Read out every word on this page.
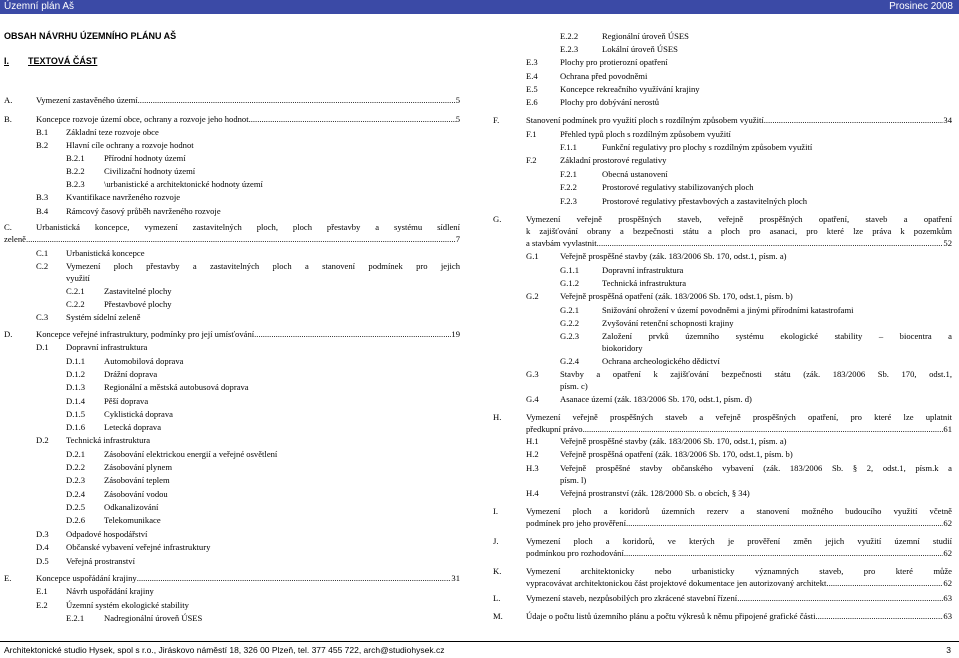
Územní plán Aš	Prosinec 2008
OBSAH NÁVRHU ÚZEMNÍHO PLÁNU AŠ
I. TEXTOVÁ ČÁST
A.	Vymezení zastavěného území .....	5
B.	Koncepce rozvoje území obce, ochrany a rozvoje jeho hodnot .....	5
B.1 Základní teze rozvoje obce
B.2 Hlavní cíle ochrany a rozvoje hodnot
B.2.1 Přírodní hodnoty území
B.2.2 Civilizační hodnoty území
B.2.3 \urbanistické a architektonické hodnoty území
B.3 Kvantifikace navrženého rozvoje
B.4 Rámcový časový průběh navrženého rozvoje
C.	Urbanistická koncepce, vymezení zastavitelných ploch, ploch přestavby a systému sídlení
zeleně .....	7
C.1 Urbanistická koncepce
C.2 Vymezení ploch přestavby a zastavitelných ploch a stanovení podmínek pro jejich
využití
C.2.1 Zastavitelné plochy
C.2.2 Přestavbové plochy
C.3 Systém sídelní zeleně
D.	Koncepce veřejné infrastruktury, podmínky pro její umísťování .....	19
D.1 Dopravní infrastruktura
D.1.1 Automobilová doprava
D.1.2 Drážní doprava
D.1.3 Regionální a městská autobusová doprava
D.1.4 Pěší doprava
D.1.5 Cyklistická doprava
D.1.6 Letecká doprava
D.2 Technická infrastruktura
D.2.1 Zásobování elektrickou energií a veřejné osvětlení
D.2.2 Zásobování plynem
D.2.3 Zásobování teplem
D.2.4 Zásobování vodou
D.2.5 Odkanalizování
D.2.6 Telekomunikace
D.3 Odpadové hospodářství
D.4 Občanské vybavení veřejné infrastruktury
D.5 Veřejná prostranství
E.	Koncepce uspořádání krajiny .....	31
E.1 Návrh uspořádání krajiny
E.2 Územní systém ekologické stability
E.2.1 Nadregionální úroveň ÚSES
E.2.2	Regionální úroveň ÚSES
E.2.3	Lokální úroveň ÚSES
E.3	Plochy pro protierozní opatření
E.4	Ochrana před povodněmi
E.5	Koncepce rekreačního využívání krajiny
E.6	Plochy pro dobývání nerostů
F.	Stanovení podmínek pro využití ploch s rozdílným způsobem využití .....	34
F.1	Přehled typů ploch s rozdílným způsobem využití
F.1.1	Funkční regulativy pro plochy s rozdílným způsobem využití
F.2	Základní prostorové regulativy
F.2.1	Obecná ustanovení
F.2.2	Prostorové regulativy stabilizovaných ploch
F.2.3	Prostorové regulativy přestavbových a zastavitelných ploch
G.	Vymezení veřejně prospěšných staveb, veřejně prospěšných opatření, staveb a opatření
k zajišťování obrany a bezpečnosti státu a ploch pro asanaci, pro které lze práva k pozemkům
a stavbám vyvlastnit .....	52
G.1 Veřejně prospěšné stavby (zák. 183/2006 Sb. 170, odst.1, písm. a)
G.1.1	Dopravní infrastruktura
G.1.2	Technická infrastruktura
G.2 Veřejně prospěšná opatření (zák. 183/2006 Sb. 170, odst.1, písm. b)
G.2.1	Snižování ohrožení v území povodněmi a jinými přírodními katastrofami
G.2.2	Zvyšování retenční schopnosti krajiny
G.2.3	Založení prvků územního systému ekologické stability – biocentra a
biokoridory
G.2.4	Ochrana archeologického dědictví
G.3 Stavby a opatření k zajišťování bezpečnosti státu (zák. 183/2006 Sb. 170, odst.1,
písm. c)
G.4 Asanace území (zák. 183/2006 Sb. 170, odst.1, písm. d)
H.	Vymezení veřejně prospěšných staveb a veřejně prospěšných opatření, pro které lze uplatnit
předkupní právo .....	61
H.1 Veřejně prospěšné stavby (zák. 183/2006 Sb. 170, odst.1, písm. a)
H.2 Veřejně prospěšná opatření (zák. 183/2006 Sb. 170, odst.1, písm. b)
H.3 Veřejně prospěšné stavby občanského vybavení (zák. 183/2006 Sb. § 2, odst.1, písm.k a
písm. l)
H.4 Veřejná prostranství (zák. 128/2000 Sb. o obcích, § 34)
I.	Vymezení ploch a koridorů územních rezerv a stanovení možného budoucího využití včetně
podmínek pro jeho prověření .....	62
J.	Vymezení ploch a koridorů, ve kterých je prověření změn jejich využití územní studií
podmínkou pro rozhodování .....	62
K.	Vymezení architektonicky nebo urbanisticky významných staveb, pro které může
vypracovávat architektonickou část projektové dokumentace jen autorizovaný architekt .....	62
L.	Vymezení staveb, nezpůsobilých pro zkrácené stavební řízení .....	63
M.	Údaje o počtu listů územního plánu a počtu výkresů k němu připojené grafické části .....	63
Architektonické studio Hysek, spol s r.o., Jiráskovo náměstí 18, 326 00 Plzeň, tel. 377 455 722, arch@studiohysek.cz	3
